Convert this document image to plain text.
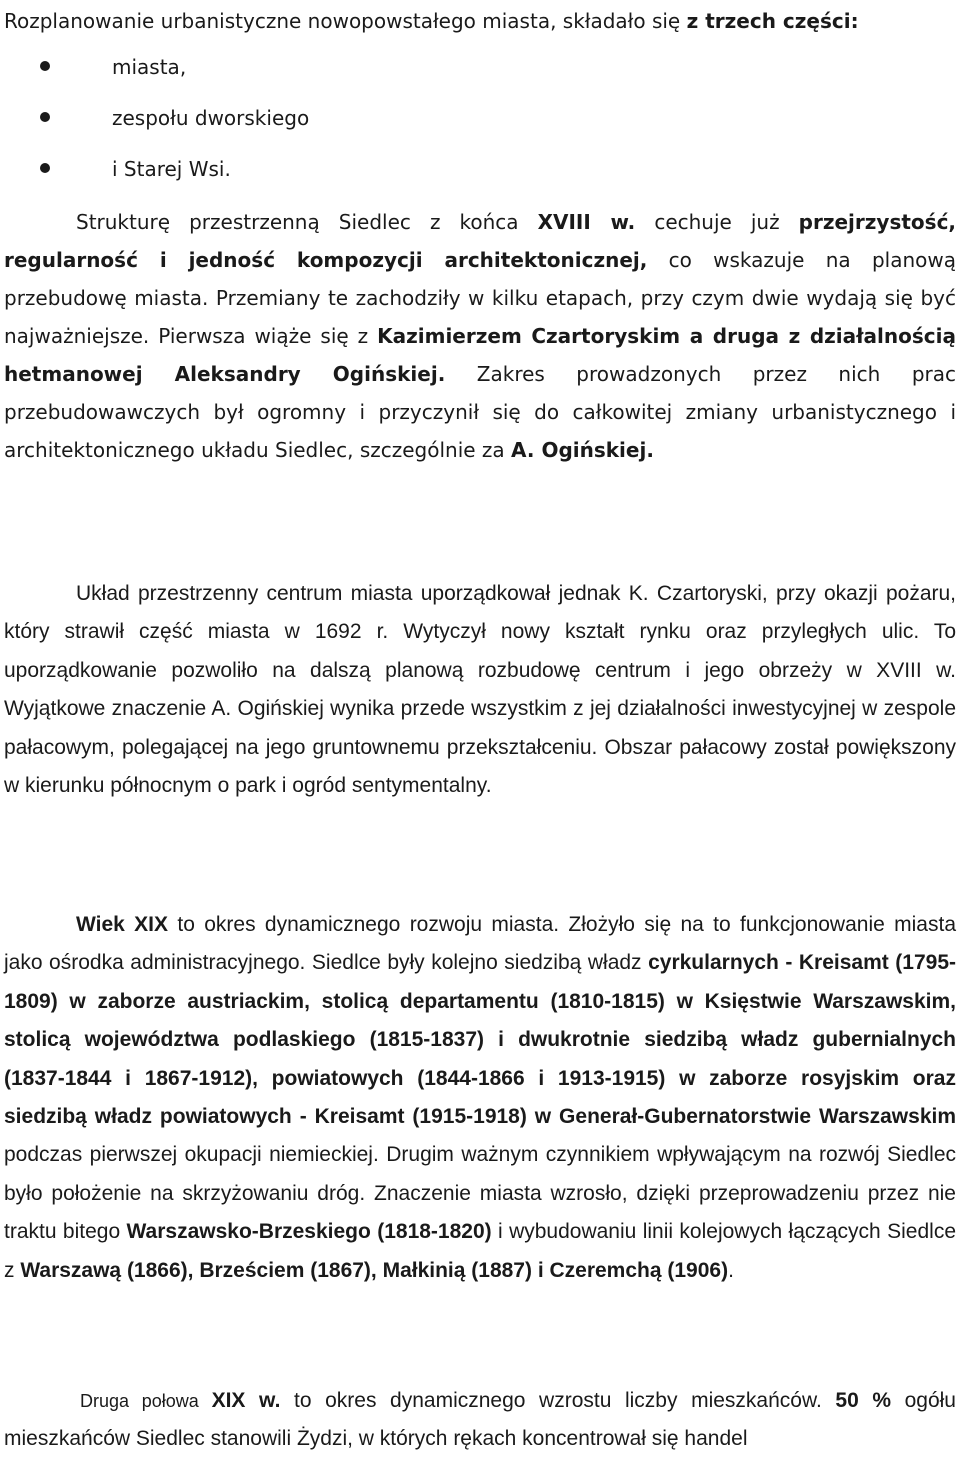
Rozplanowanie urbanistyczne nowopowstałego miasta, składało się z trzech części:

miasta,
zespołu dworskiego
i Starej Wsi.

Strukturę przestrzenną Siedlec z końca XVIII w. cechuje już przejrzystość, regularność i jedność kompozycji architektonicznej, co wskazuje na planową przebudowę miasta. Przemiany te zachodziły w kilku etapach, przy czym dwie wydają się być najważniejsze. Pierwsza wiąże się z Kazimierzem Czartoryskim a druga z działalnością hetmanowej Aleksandry Ogińskiej. Zakres prowadzonych przez nich prac przebudowawczych był ogromny i przyczynił się do całkowitej zmiany urbanistycznego i architektonicznego układu Siedlec, szczególnie za A. Ogińskiej.

Układ przestrzenny centrum miasta uporządkował jednak K. Czartoryski, przy okazji pożaru, który strawił część miasta w 1692 r. Wytyczył nowy kształt rynku oraz przyległych ulic. To uporządkowanie pozwoliło na dalszą planową rozbudowę centrum i jego obrzeży w XVIII w. Wyjątkowe znaczenie A. Ogińskiej wynika przede wszystkim z jej działalności inwestycyjnej w zespole pałacowym, polegającej na jego gruntownemu przekształceniu. Obszar pałacowy został powiększony w kierunku północnym o park i ogród sentymentalny.

Wiek XIX to okres dynamicznego rozwoju miasta. Złożyło się na to funkcjonowanie miasta jako ośrodka administracyjnego. Siedlce były kolejno siedzibą władz cyrkularnych - Kreisamt (1795-1809) w zaborze austriackim, stolicą departamentu (1810-1815) w Księstwie Warszawskim, stolicą województwa podlaskiego (1815-1837) i dwukrotnie siedzibą władz gubernialnych (1837-1844 i 1867-1912), powiatowych (1844-1866 i 1913-1915) w zaborze rosyjskim oraz siedzibą władz powiatowych - Kreisamt (1915-1918) w Generał-Gubernatorstwie Warszawskim podczas pierwszej okupacji niemieckiej. Drugim ważnym czynnikiem wpływającym na rozwój Siedlec było położenie na skrzyżowaniu dróg. Znaczenie miasta wzrosło, dzięki przeprowadzeniu przez nie traktu bitego Warszawsko-Brzeskiego (1818-1820) i wybudowaniu linii kolejowych łączących Siedlce z Warszawą (1866), Brześciem (1867), Małkinią (1887) i Czeremchą (1906).

Druga połowa XIX w. to okres dynamicznego wzrostu liczby mieszkańców. 50 % ogółu mieszkańców Siedlec stanowili Żydzi, w których rękach koncentrował się handel
